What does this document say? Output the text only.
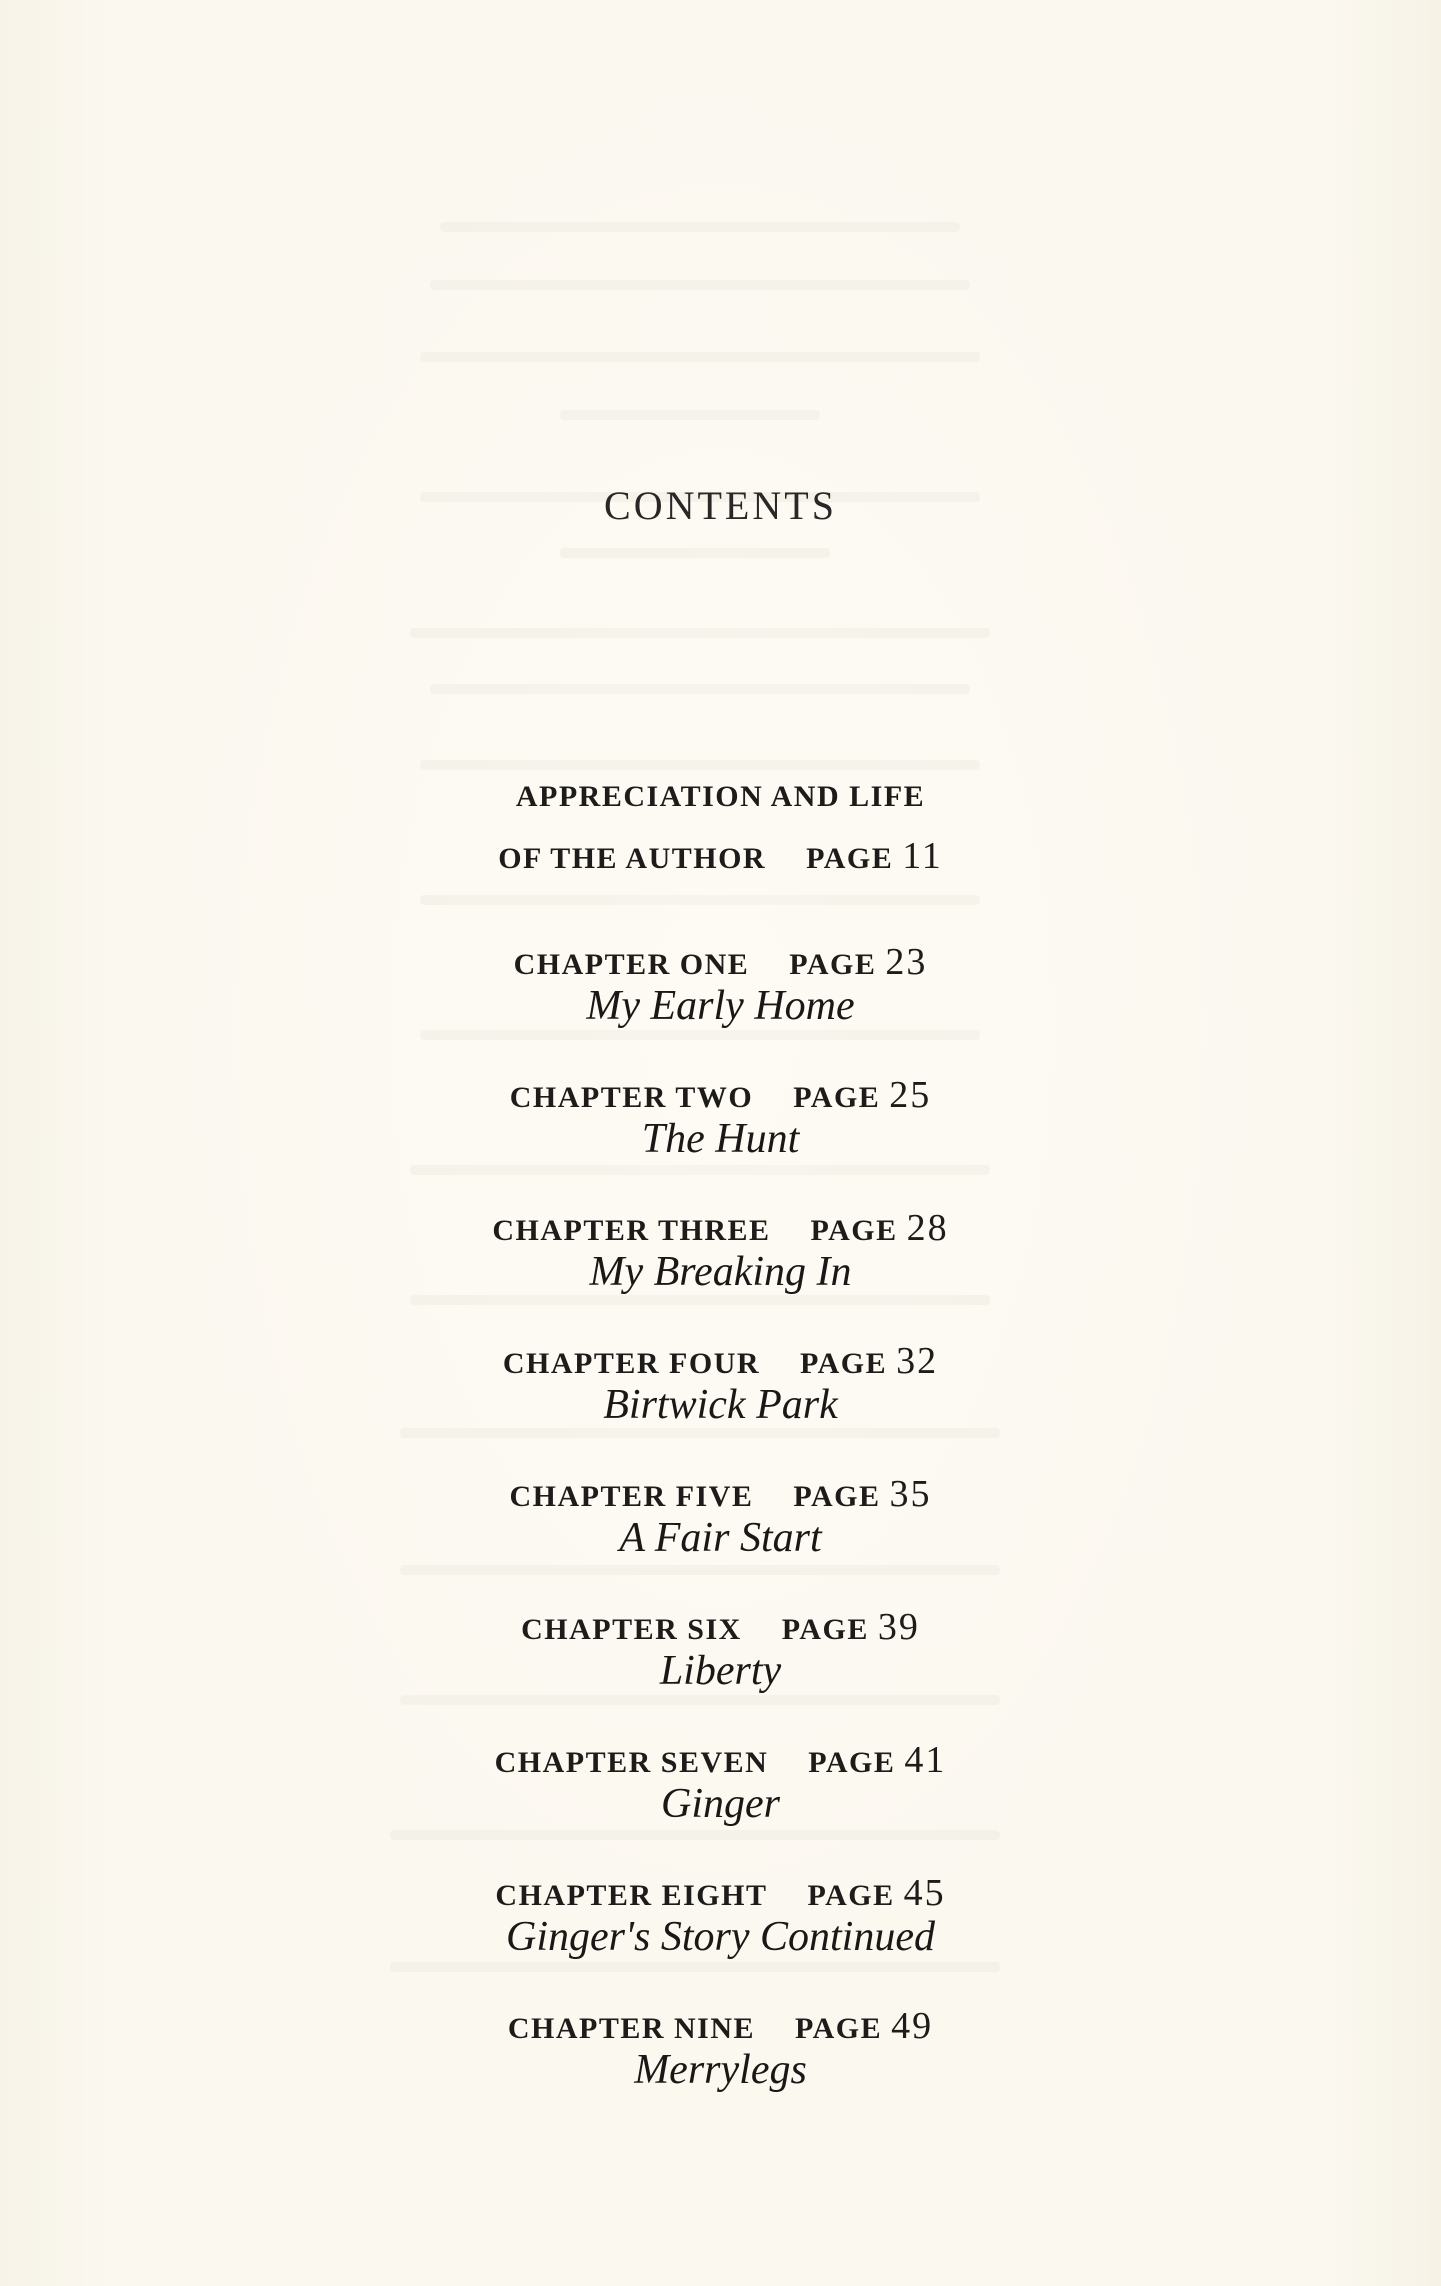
CONTENTS
APPRECIATION AND LIFE
OF THE AUTHOR PAGE 11
CHAPTER ONE PAGE 23
My Early Home
CHAPTER TWO PAGE 25
The Hunt
CHAPTER THREE PAGE 28
My Breaking In
CHAPTER FOUR PAGE 32
Birtwick Park
CHAPTER FIVE PAGE 35
A Fair Start
CHAPTER SIX PAGE 39
Liberty
CHAPTER SEVEN PAGE 41
Ginger
CHAPTER EIGHT PAGE 45
Ginger's Story Continued
CHAPTER NINE PAGE 49
Merrylegs
